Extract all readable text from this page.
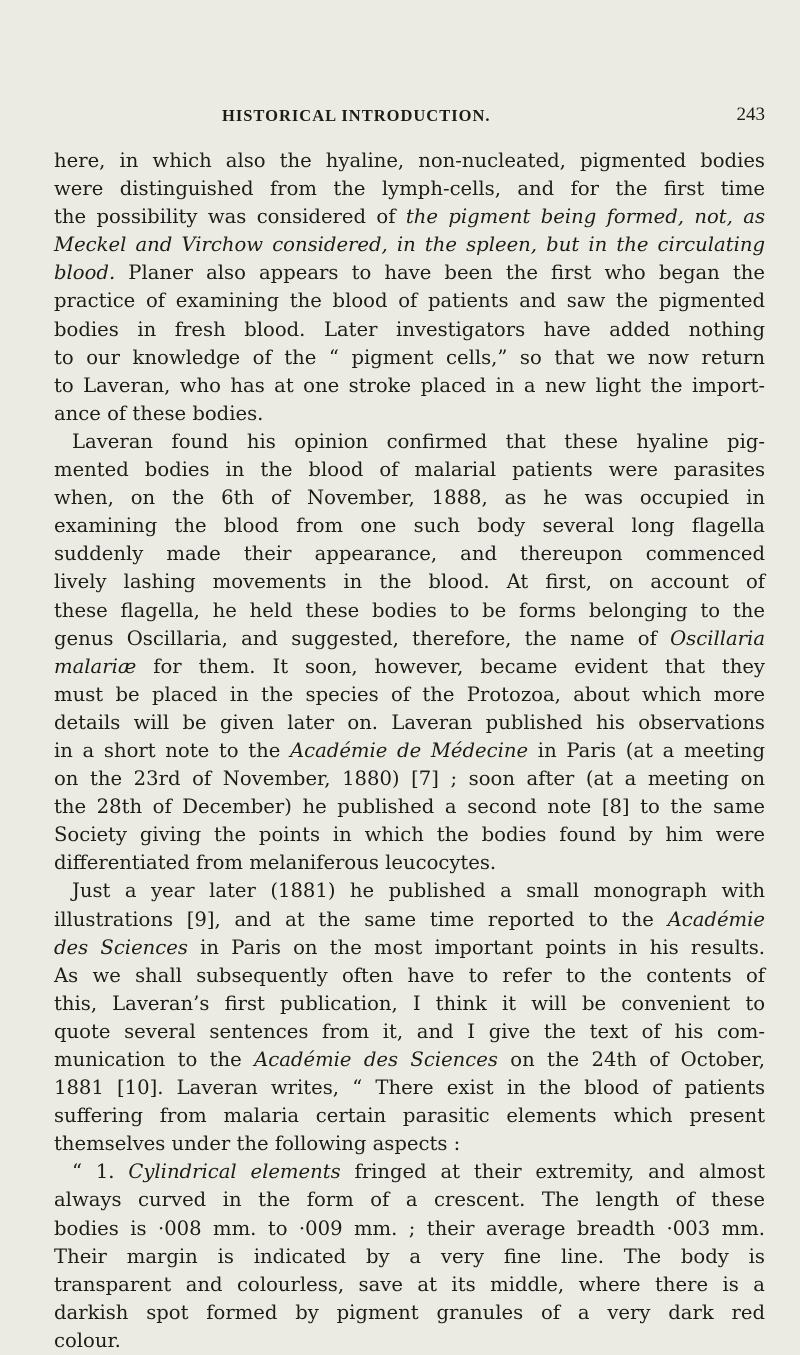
HISTORICAL INTRODUCTION.	243
here, in which also the hyaline, non-nucleated, pigmented bodies
were distinguished from the lymph-cells, and for the first time
the possibility was considered of the pigment being formed, not, as
Meckel and Virchow considered, in the spleen, but in the circulating
blood. Planer also appears to have been the first who began the
practice of examining the blood of patients and saw the pigmented
bodies in fresh blood. Later investigators have added nothing
to our knowledge of the “ pigment cells,” so that we now return
to Laveran, who has at one stroke placed in a new light the import-
ance of these bodies.
Laveran found his opinion confirmed that these hyaline pig-
mented bodies in the blood of malarial patients were parasites
when, on the 6th of November, 1888, as he was occupied in
examining the blood from one such body several long flagella
suddenly made their appearance, and thereupon commenced
lively lashing movements in the blood. At first, on account of
these flagella, he held these bodies to be forms belonging to the
genus Oscillaria, and suggested, therefore, the name of Oscillaria
malariæ for them. It soon, however, became evident that they
must be placed in the species of the Protozoa, about which more
details will be given later on. Laveran published his observations
in a short note to the Académie de Médecine in Paris (at a meeting
on the 23rd of November, 1880) [7] ; soon after (at a meeting on
the 28th of December) he published a second note [8] to the same
Society giving the points in which the bodies found by him were
differentiated from melaniferous leucocytes.
Just a year later (1881) he published a small monograph with
illustrations [9], and at the same time reported to the Académie
des Sciences in Paris on the most important points in his results.
As we shall subsequently often have to refer to the contents of
this, Laveran’s first publication, I think it will be convenient to
quote several sentences from it, and I give the text of his com-
munication to the Académie des Sciences on the 24th of October,
1881 [10]. Laveran writes, “ There exist in the blood of patients
suffering from malaria certain parasitic elements which present
themselves under the following aspects :
“ 1. Cylindrical elements fringed at their extremity, and almost
always curved in the form of a crescent. The length of these
bodies is ·008 mm. to ·009 mm. ; their average breadth ·003 mm.
Their margin is indicated by a very fine line. The body is
transparent and colourless, save at its middle, where there is a
darkish spot formed by pigment granules of a very dark red
colour.
